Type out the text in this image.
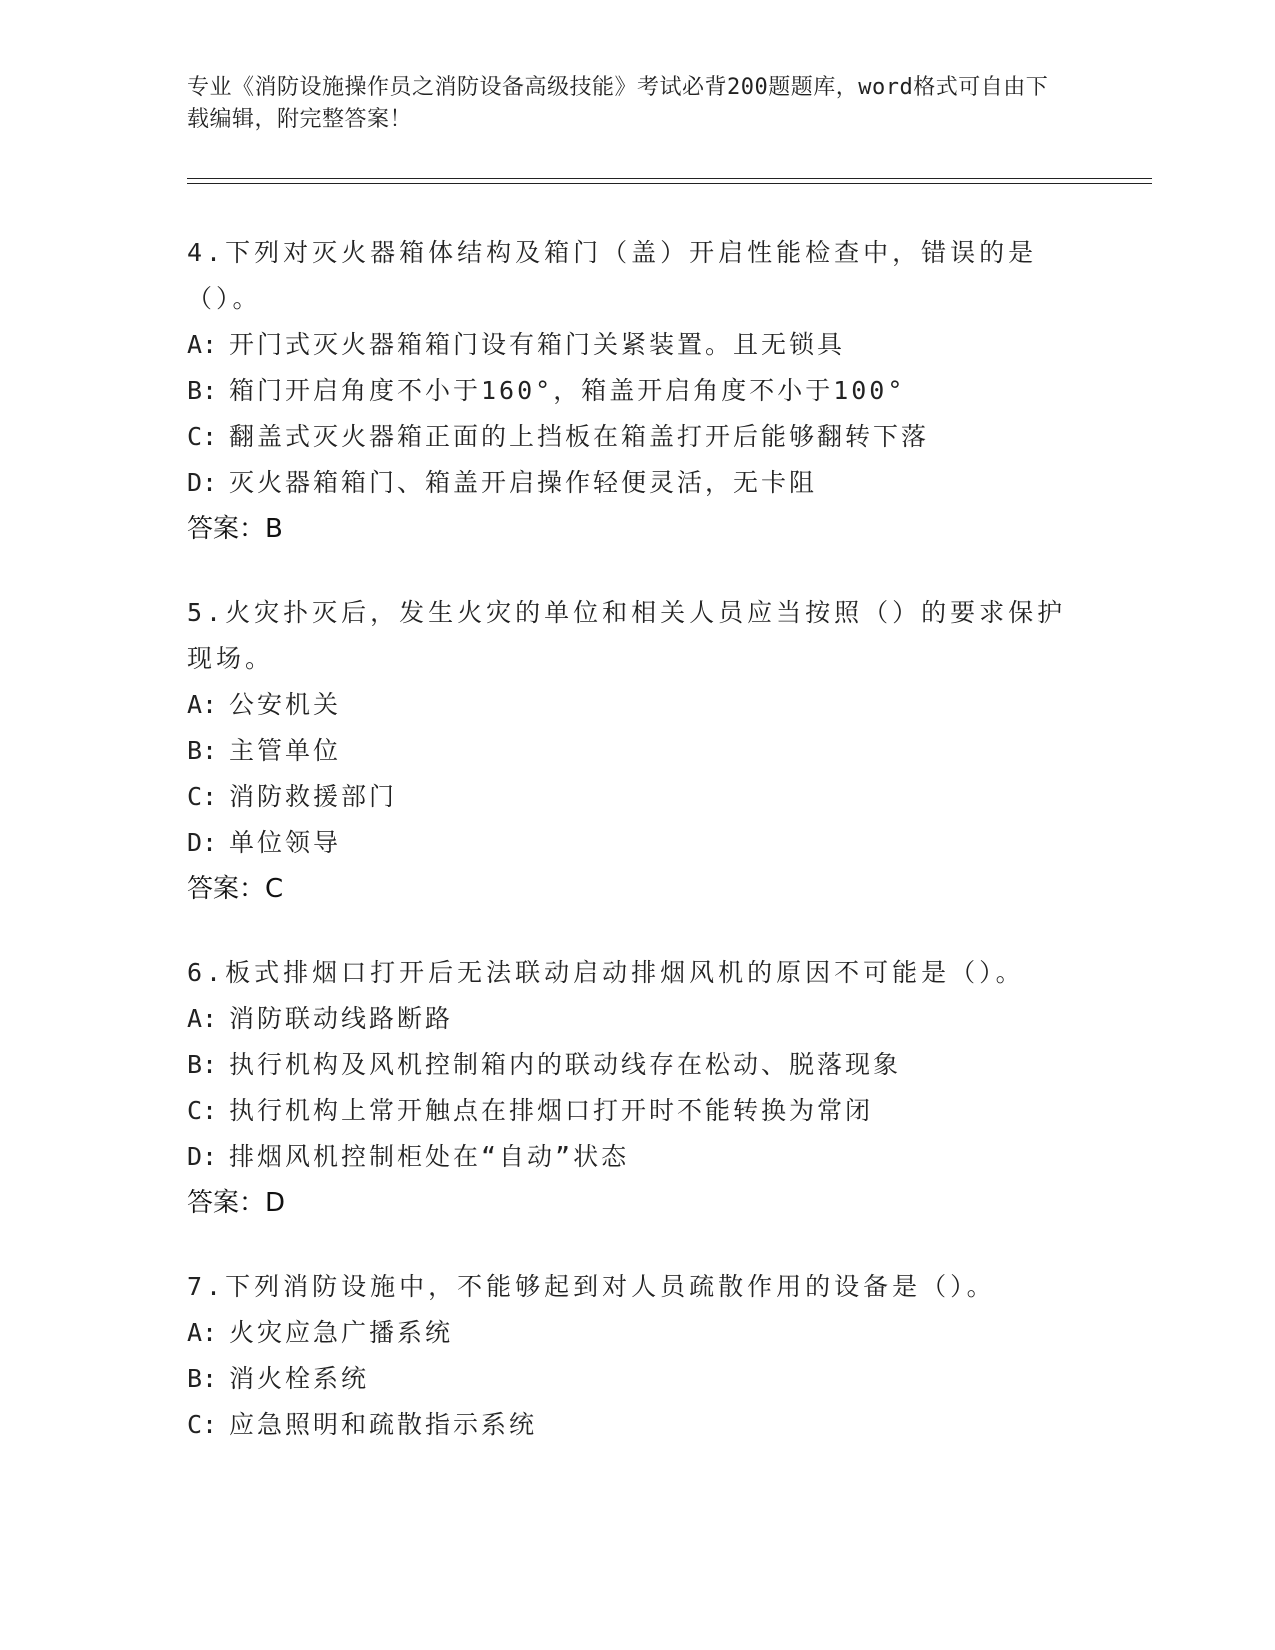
专业《消防设施操作员之消防设备高级技能》考试必背200题题库，word格式可自由下载编辑，附完整答案！
4.下列对灭火器箱体结构及箱门（盖）开启性能检查中，错误的是（）。
A: 开门式灭火器箱箱门设有箱门关紧装置。且无锁具
B: 箱门开启角度不小于160°，箱盖开启角度不小于100°
C: 翻盖式灭火器箱正面的上挡板在箱盖打开后能够翻转下落
D: 灭火器箱箱门、箱盖开启操作轻便灵活，无卡阻
答案：B
5.火灾扑灭后，发生火灾的单位和相关人员应当按照（）的要求保护现场。
A: 公安机关
B: 主管单位
C: 消防救援部门
D: 单位领导
答案：C
6.板式排烟口打开后无法联动启动排烟风机的原因不可能是（）。
A: 消防联动线路断路
B: 执行机构及风机控制箱内的联动线存在松动、脱落现象
C: 执行机构上常开触点在排烟口打开时不能转换为常闭
D: 排烟风机控制柜处在“自动”状态
答案：D
7.下列消防设施中，不能够起到对人员疏散作用的设备是（）。
A: 火灾应急广播系统
B: 消火栓系统
C: 应急照明和疏散指示系统
